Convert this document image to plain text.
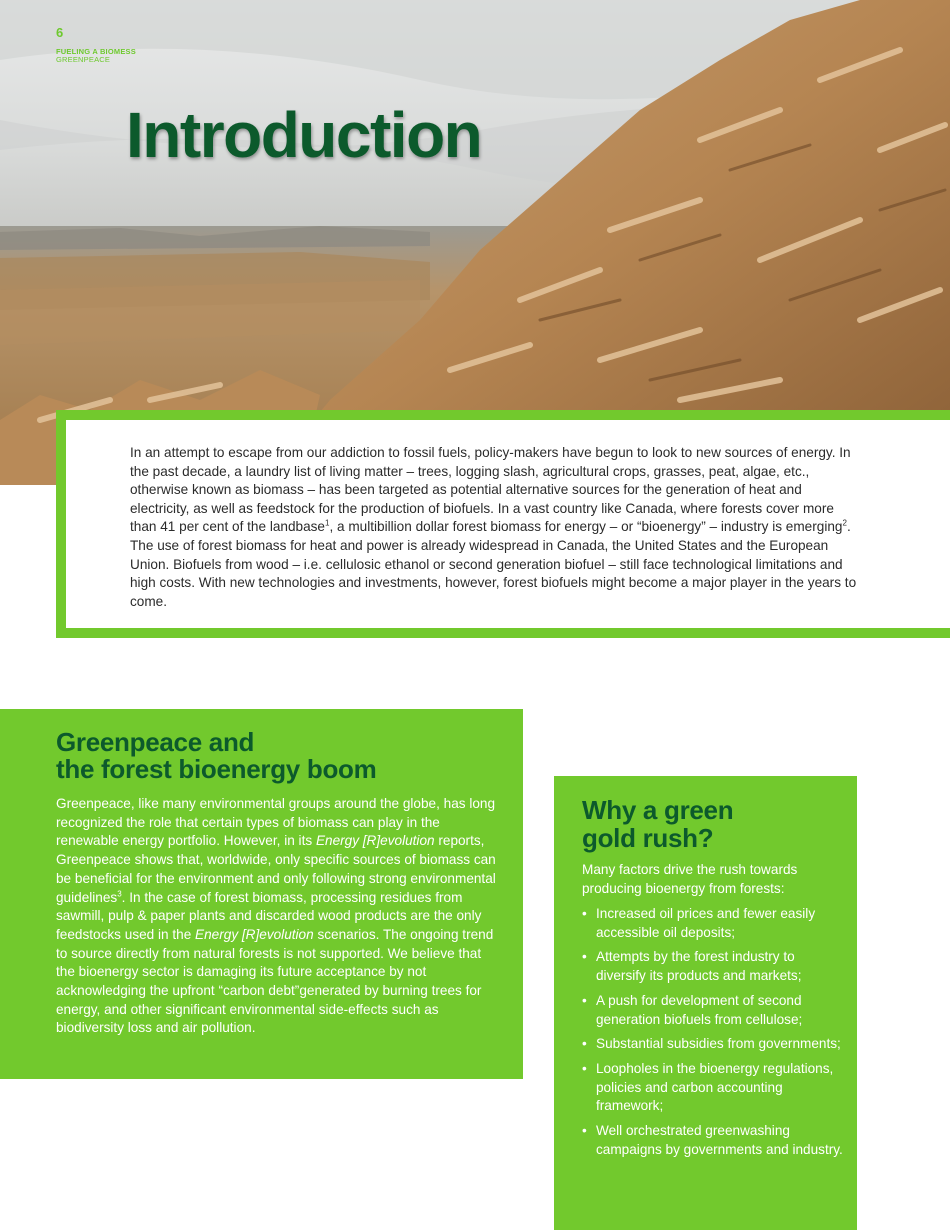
6
FUELING A BIOMESS
GREENPEACE
Introduction

In an attempt to escape from our addiction to fossil fuels, policy-makers have begun to look to new sources of energy. In the past decade, a laundry list of living matter – trees, logging slash, agricultural crops, grasses, peat, algae, etc., otherwise known as biomass – has been targeted as potential alternative sources for the generation of heat and electricity, as well as feedstock for the production of biofuels. In a vast country like Canada, where forests cover more than 41 per cent of the landbase$^1$, a multibillion dollar forest biomass for energy – or “bioenergy” – industry is emerging$^2$. The use of forest biomass for heat and power is already widespread in Canada, the United States and the European Union. Biofuels from wood – i.e. cellulosic ethanol or second generation biofuel – still face technological limitations and high costs. With new technologies and investments, however, forest biofuels might become a major player in the years to come.

Greenpeace and
the forest bioenergy boom

Greenpeace, like many environmental groups around the globe, has long recognized the role that certain types of biomass can play in the renewable energy portfolio. However, in its Energy [R]evolution reports, Greenpeace shows that, worldwide, only specific sources of biomass can be beneficial for the environment and only following strong environmental guidelines$^3$. In the case of forest biomass, processing residues from sawmill, pulp & paper plants and discarded wood products are the only feedstocks used in the Energy [R]evolution scenarios. The ongoing trend to source directly from natural forests is not supported. We believe that the bioenergy sector is damaging its future acceptance by not acknowledging the upfront “carbon debt”generated by burning trees for energy, and other significant environmental side-effects such as biodiversity loss and air pollution.

Why a green
gold rush?

Many factors drive the rush towards producing bioenergy from forests:

• Increased oil prices and fewer easily accessible oil deposits;
• Attempts by the forest industry to diversify its products and markets;
• A push for development of second generation biofuels from cellulose;
• Substantial subsidies from governments;
• Loopholes in the bioenergy regulations, policies and carbon accounting framework;
• Well orchestrated greenwashing campaigns by governments and industry.
